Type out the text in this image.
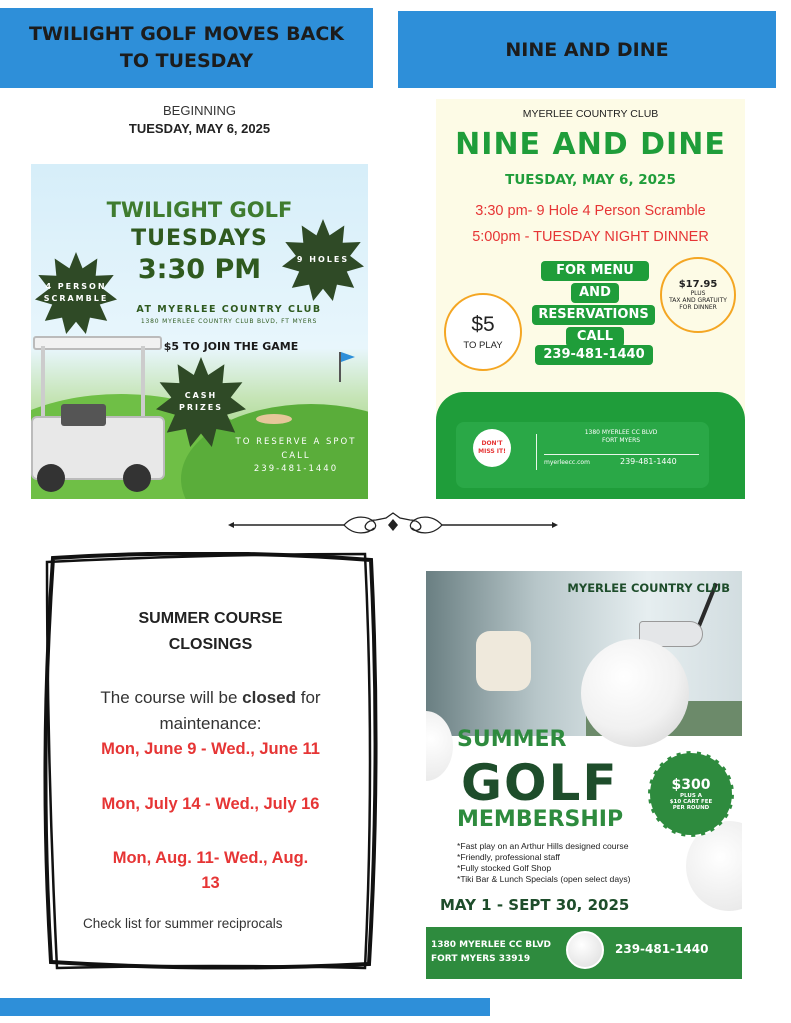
TWILIGHT GOLF MOVES BACK
TO TUESDAY
NINE AND DINE
BEGINNING
TUESDAY, MAY 6, 2025
TWILIGHT GOLF
TUESDAYS
3:30 PM	9 HOLES
4 PERSON
SCRAMBLE
CASH
PRIZES
AT MYERLEE COUNTRY CLUB
1380 MYERLEE COUNTRY CLUB BLVD, FT MYERS
$5 TO JOIN THE GAME
TO RESERVE A SPOT
CALL
239-481-1440
MYERLEE COUNTRY CLUB
NINE AND DINE
TUESDAY, MAY 6, 2025
3:30 pm- 9 Hole 4 Person Scramble
5:00pm - TUESDAY NIGHT DINNER
FOR MENU
AND
RESERVATIONS
CALL
239-481-1440
$17.95
PLUS
TAX AND GRATUITY
FOR DINNER
$5
TO PLAY
DON'T MISS IT!
1380 MYERLEE CC BLVD
FORT MYERS
myerleecc.com	239-481-1440
SUMMER COURSE
CLOSINGS
The course will be closed for
maintenance:
Mon, June 9 - Wed., June 11
Mon, July 14 - Wed., July 16
Mon, Aug. 11- Wed., Aug.
13
Check list for summer reciprocals
MYERLEE COUNTRY CLUB
SUMMER
GOLF
MEMBERSHIP
$300
PLUS A
$10 CART FEE
PER ROUND
*Fast play on an Arthur Hills designed course
*Friendly, professional staff
*Fully stocked Golf Shop
*Tiki Bar & Lunch Specials (open select days)
MAY 1 - SEPT 30, 2025
1380 MYERLEE CC BLVD
FORT MYERS 33919
239-481-1440
